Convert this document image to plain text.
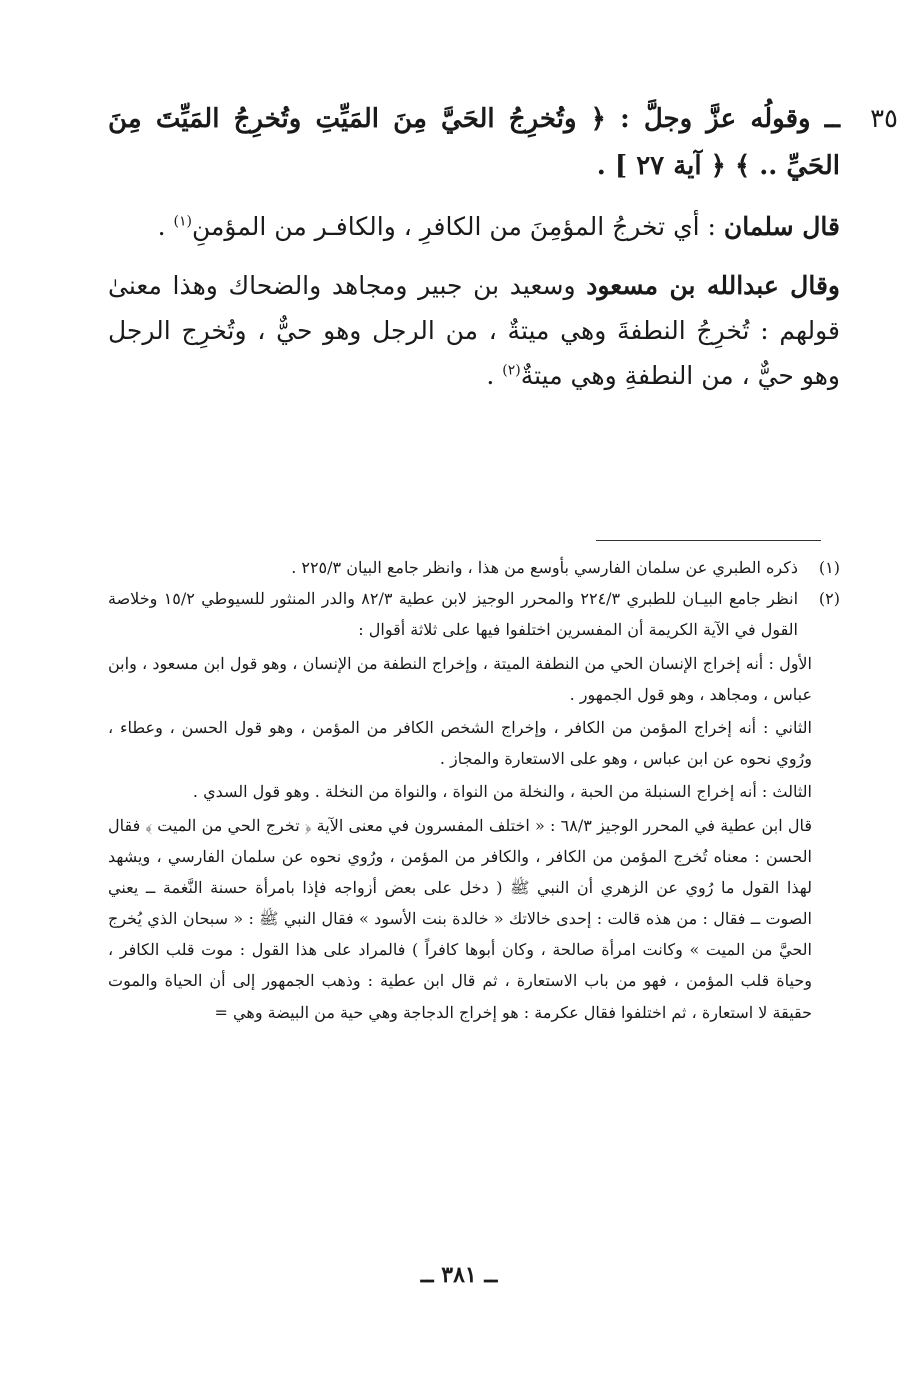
٣٥
ــ وقولُه عزَّ وجلَّ : ﴿ وتُخرِجُ الحَيَّ مِنَ المَيِّتِ وتُخرِجُ المَيِّتَ مِنَ الحَيِّ .. ﴾ ﴿ آية ٢٧ ] .

قال سلمان : أي تخرجُ المؤمِنَ من الكافرِ ، والكافـر من المؤمنِ$^{(١)}$ .

وقال عبدالله بن مسعود وسعيد بن جبير ومجاهد والضحاك وهذا معنىٰ قولهم : تُخرِجُ النطفةَ وهي ميتةٌ ، من الرجل وهو حيٌّ ، وتُخرِج الرجل وهو حيٌّ ، من النطفةِ وهي ميتةٌ$^{(٢)}$ .

(١)
ذكره الطبري عن سلمان الفارسي بأوسع من هذا ، وانظر جامع البيان ٢٢٥/٣ .
(٢)
انظر جامع البيـان للطبري ٢٢٤/٣ والمحرر الوجيز لابن عطية ٨٢/٣ والدر المنثور للسيوطي ١٥/٢ وخلاصة القول في الآية الكريمة أن المفسرين اختلفوا فيها على ثلاثة أقوال :

الأول : أنه إخراج الإنسان الحي من النطفة الميتة ، وإخراج النطفة من الإنسان ، وهو قول ابن مسعود ، وابن عباس ، ومجاهد ، وهو قول الجمهور .

الثاني : أنه إخراج المؤمن من الكافر ، وإخراج الشخص الكافر من المؤمن ، وهو قول الحسن ، وعطاء ، ورُوي نحوه عن ابن عباس ، وهو على الاستعارة والمجاز .

الثالث : أنه إخراج السنبلة من الحبة ، والنخلة من النواة ، والنواة من النخلة . وهو قول السدي .

قال ابن عطية في المحرر الوجيز ٦٨/٣ : « اختلف المفسرون في معنى الآية ﴿ تخرج الحي من الميت ﴾ فقال الحسن : معناه تُخرج المؤمن من الكافر ، والكافر من المؤمن ، ورُوي نحوه عن سلمان الفارسي ، ويشهد لهذا القول ما رُوي عن الزهري أن النبي ﷺ ( دخل على بعض أزواجه فإذا بامرأة حسنة النَّغمة ــ يعني الصوت ــ فقال : من هذه قالت : إحدى خالاتك « خالدة بنت الأسود » فقال النبي ﷺ : « سبحان الذي يُخرج الحيَّ من الميت » وكانت امرأة صالحة ، وكان أبوها كافراً ) فالمراد على هذا القول : موت قلب الكافر ، وحياة قلب المؤمن ، فهو من باب الاستعارة ، ثم قال ابن عطية : وذهب الجمهور إلى أن الحياة والموت حقيقة لا استعارة ، ثم اختلفوا فقال عكرمة : هو إخراج الدجاجة وهي حية من البيضة وهي =

ــ ٣٨١ ــ
